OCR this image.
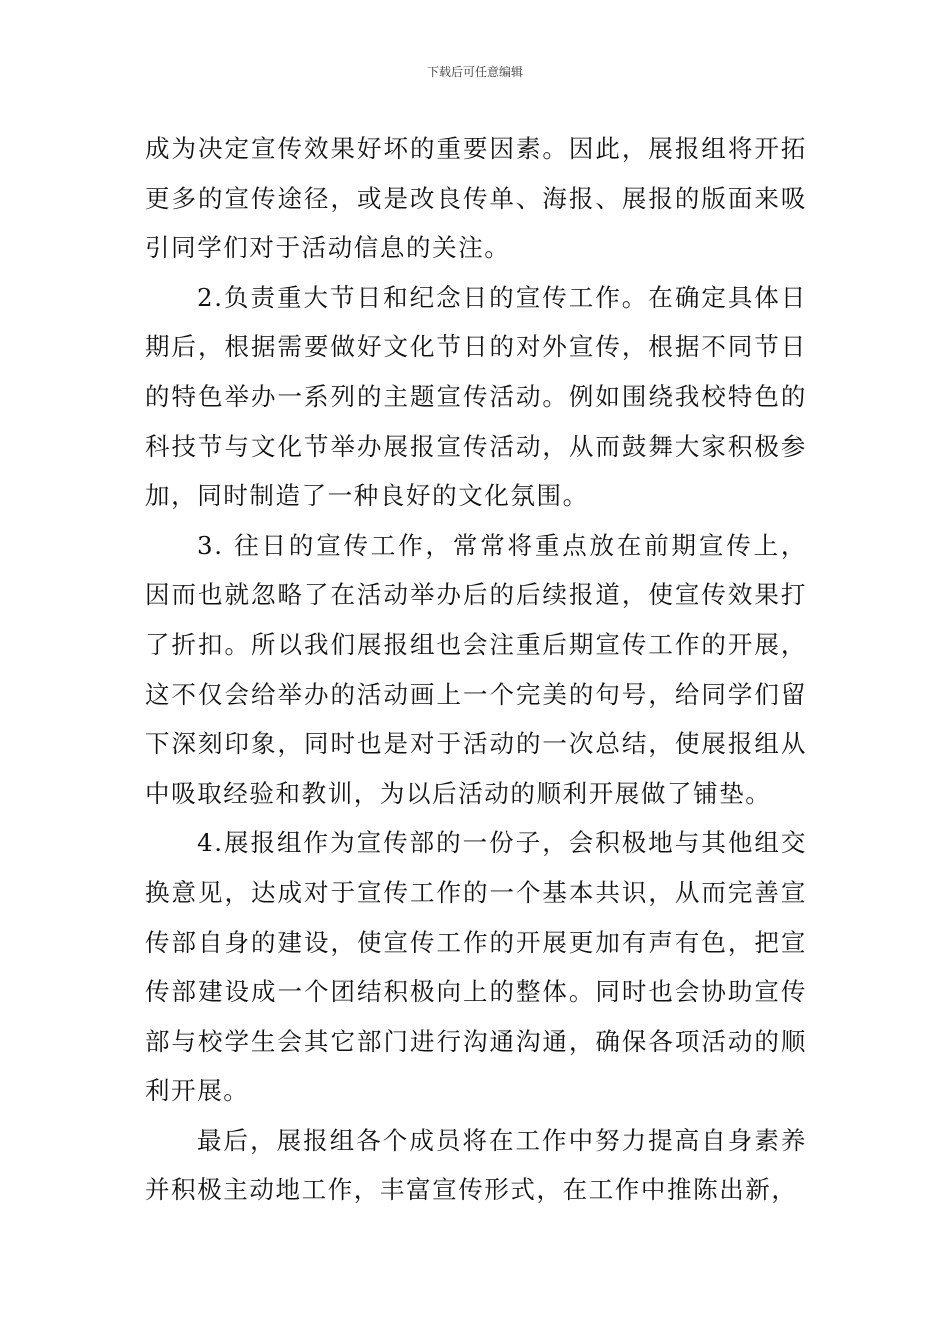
下载后可任意编辑

成为决定宣传效果好坏的重要因素。因此，展报组将开拓更多的宣传途径，或是改良传单、海报、展报的版面来吸引同学们对于活动信息的关注。

2.负责重大节日和纪念日的宣传工作。在确定具体日期后，根据需要做好文化节日的对外宣传，根据不同节日的特色举办一系列的主题宣传活动。例如围绕我校特色的科技节与文化节举办展报宣传活动，从而鼓舞大家积极参加，同时制造了一种良好的文化氛围。

3. 往日的宣传工作，常常将重点放在前期宣传上，因而也就忽略了在活动举办后的后续报道，使宣传效果打了折扣。所以我们展报组也会注重后期宣传工作的开展，这不仅会给举办的活动画上一个完美的句号，给同学们留下深刻印象，同时也是对于活动的一次总结，使展报组从中吸取经验和教训，为以后活动的顺利开展做了铺垫。

4.展报组作为宣传部的一份子，会积极地与其他组交换意见，达成对于宣传工作的一个基本共识，从而完善宣传部自身的建设，使宣传工作的开展更加有声有色，把宣传部建设成一个团结积极向上的整体。同时也会协助宣传部与校学生会其它部门进行沟通沟通，确保各项活动的顺利开展。

最后，展报组各个成员将在工作中努力提高自身素养并积极主动地工作，丰富宣传形式，在工作中推陈出新，
